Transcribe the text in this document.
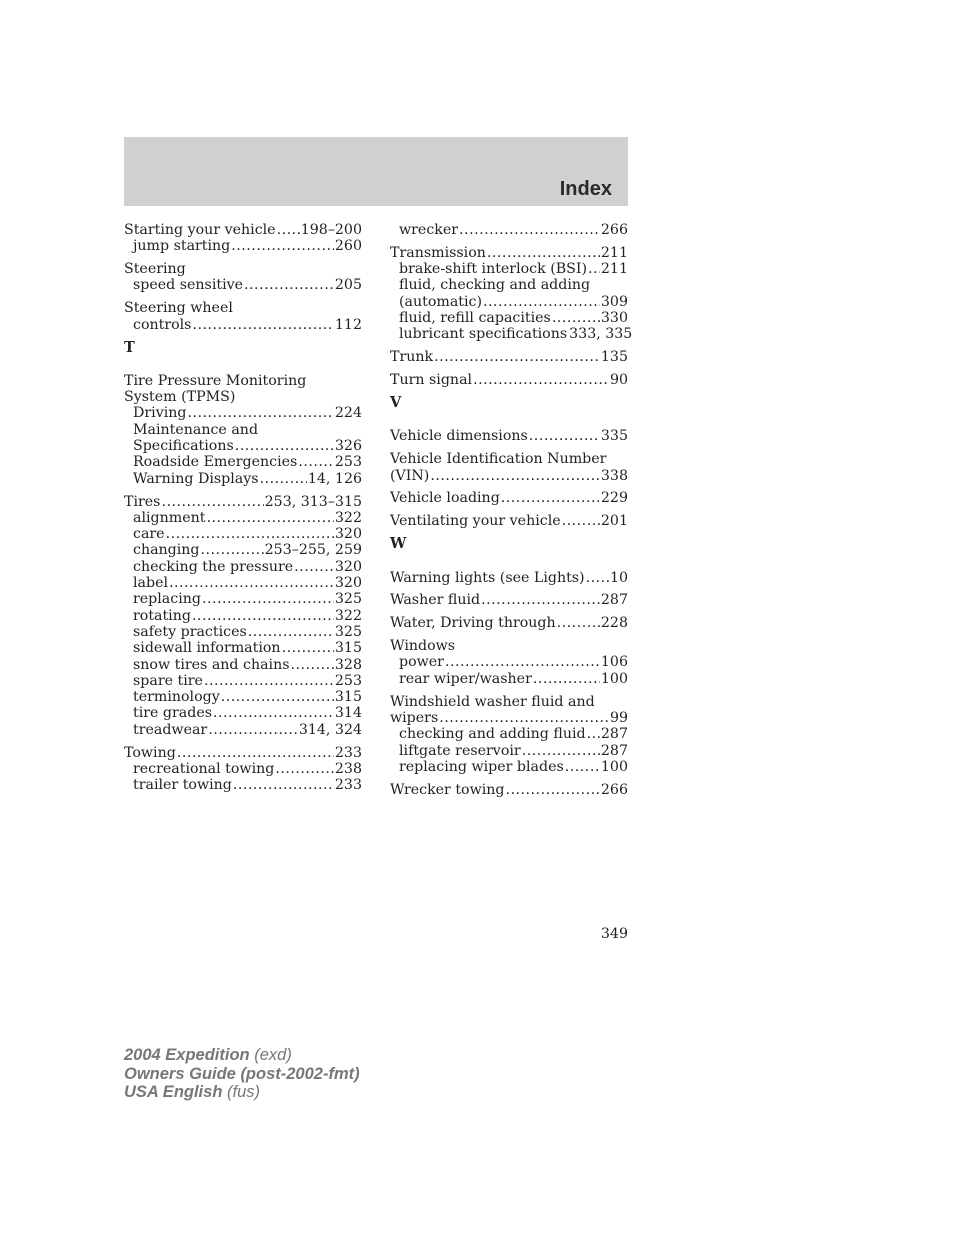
Index
Starting your vehicle ..... 198–200
jump starting .....	260
Steering
speed sensitive .....	205
Steering wheel
controls .....	112
T
Tire Pressure Monitoring
System (TPMS)
Driving .....	224
Maintenance and
Specifications .....	326
Roadside Emergencies .....	253
Warning Displays .....	14, 126
Tires .....	253, 313–315
alignment .....	322
care .....	320
changing .....	253–255, 259
checking the pressure .....	320
label .....	320
replacing .....	325
rotating .....	322
safety practices .....	325
sidewall information .....	315
snow tires and chains .....	328
spare tire .....	253
terminology .....	315
tire grades .....	314
treadwear .....	314, 324
Towing .....	233
recreational towing .....	238
trailer towing .....	233
wrecker .....	266
Transmission .....	211
brake-shift interlock (BSI) ..... 211
fluid, checking and adding
(automatic) .....	309
fluid, refill capacities .....	330
lubricant specifications 333, 335
Trunk .....	135
Turn signal .....	90
V
Vehicle dimensions .....	335
Vehicle Identification Number
(VIN) .....	338
Vehicle loading .....	229
Ventilating your vehicle .....	201
W
Warning lights (see Lights) ..... 10
Washer fluid .....	287
Water, Driving through .....	228
Windows
power .....	106
rear wiper/washer .....	100
Windshield washer fluid and
wipers .....	99
checking and adding fluid ..... 287
liftgate reservoir .....	287
replacing wiper blades .....	100
Wrecker towing .....	266
349
2004 Expedition (exd)
Owners Guide (post-2002-fmt)
USA English (fus)
